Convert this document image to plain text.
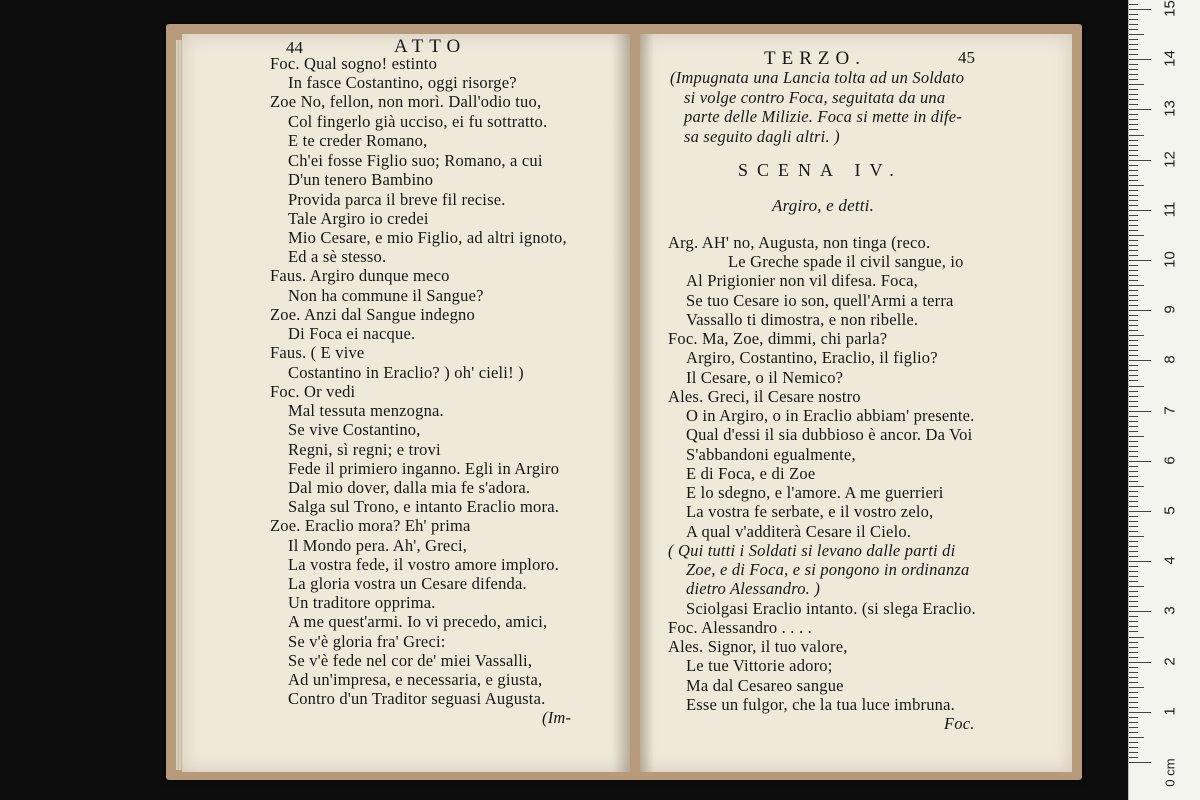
44	ATTO
Foc. Qual sogno! estinto
In fasce Costantino, oggi risorge?
Zoe No, fellon, non morì. Dall'odio tuo,
Col fingerlo già ucciso, ei fu sottratto.
E te creder Romano,
Ch'ei fosse Figlio suo; Romano, a cui
D'un tenero Bambino
Provida parca il breve fil recise.
Tale Argiro io credei
Mio Cesare, e mio Figlio, ad altri ignoto,
Ed a sè stesso.
Faus. Argiro dunque meco
Non ha commune il Sangue?
Zoe. Anzi dal Sangue indegno
Di Foca ei nacque.
Faus. ( E vive
Costantino in Eraclio? ) oh' cieli! )
Foc. Or vedi
Mal tessuta menzogna.
Se vive Costantino,
Regni, sì regni; e trovi
Fede il primiero inganno. Egli in Argiro
Dal mio dover, dalla mia fe s'adora.
Salga sul Trono, e intanto Eraclio mora.
Zoe. Eraclio mora? Eh' prima
Il Mondo pera. Ah', Greci,
La vostra fede, il vostro amore imploro.
La gloria vostra un Cesare difenda.
Un traditore opprima.
A me quest'armi. Io vi precedo, amici,
Se v'è gloria fra' Greci:
Se v'è fede nel cor de' miei Vassalli,
Ad un'impresa, e necessaria, e giusta,
Contro d'un Traditor seguasi Augusta.
(Im-
TERZO.	45
(Impugnata una Lancia tolta ad un Soldato
si volge contro Foca, seguitata da una
parte delle Milizie. Foca si mette in dife-
sa seguito dagli altri. )
SCENA IV.
Argiro, e detti.
Arg. AH' no, Augusta, non tinga (reco.
Le Greche spade il civil sangue, io
Al Prigionier non vil difesa. Foca,
Se tuo Cesare io son, quell'Armi a terra
Vassallo ti dimostra, e non ribelle.
Foc. Ma, Zoe, dimmi, chi parla?
Argiro, Costantino, Eraclio, il figlio?
Il Cesare, o il Nemico?
Ales. Greci, il Cesare nostro
O in Argiro, o in Eraclio abbiam' presente.
Qual d'essi il sia dubbioso è ancor. Da Voi
S'abbandoni egualmente,
E di Foca, e di Zoe
E lo sdegno, e l'amore. A me guerrieri
La vostra fe serbate, e il vostro zelo,
A qual v'additerà Cesare il Cielo.
( Qui tutti i Soldati si levano dalle parti di
Zoe, e di Foca, e si pongono in ordinanza
dietro Alessandro. )
Sciolgasi Eraclio intanto. (si slega Eraclio.
Foc. Alessandro . . . .
Ales. Signor, il tuo valore,
Le tue Vittorie adoro;
Ma dal Cesareo sangue
Esse un fulgor, che la tua luce imbruna.
Foc.
0 cm
1
2
3
4
5
6
7
8
9
10
11
12
13
14
15
